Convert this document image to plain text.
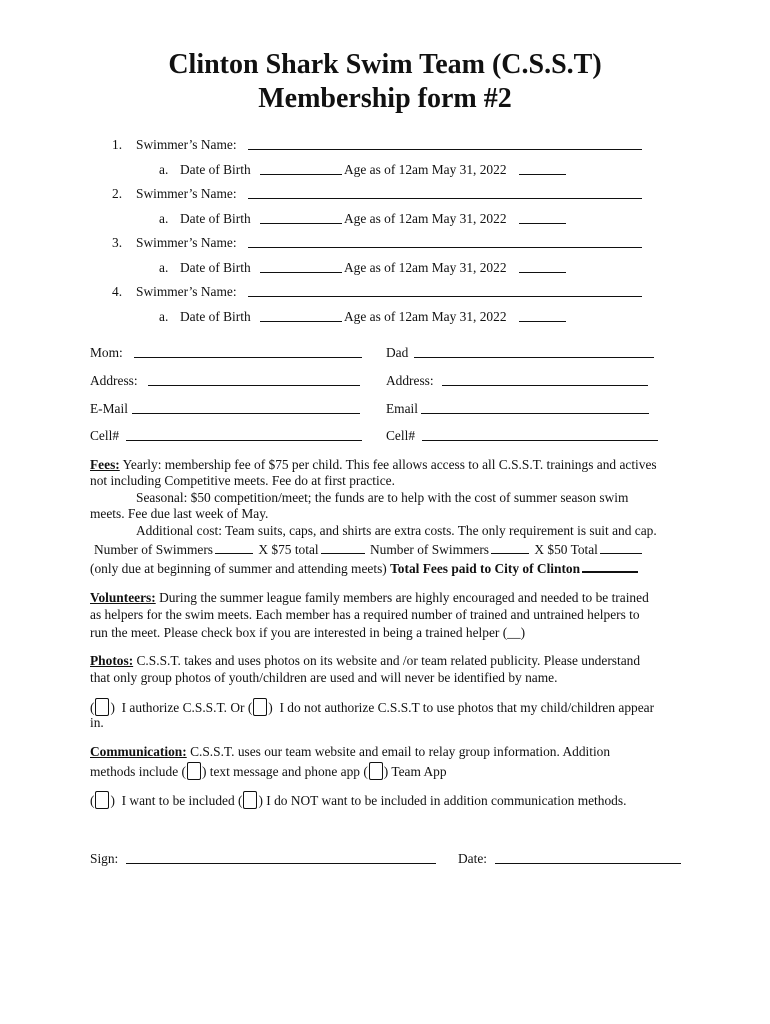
Clinton Shark Swim Team (C.S.S.T)
Membership form #2
1. Swimmer’s Name:
a. Date of Birth	Age as of 12am May 31, 2022
2. Swimmer’s Name:
a. Date of Birth	Age as of 12am May 31, 2022
3. Swimmer’s Name:
a. Date of Birth	Age as of 12am May 31, 2022
4. Swimmer’s Name:
a. Date of Birth	Age as of 12am May 31, 2022
Mom:	Dad
Address:	Address:
E-Mail	Email
Cell#	Cell#
Fees: Yearly: membership fee of $75 per child. This fee allows access to all C.S.S.T. trainings and actives
not including Competitive meets. Fee do at first practice.
Seasonal: $50 competition/meet; the funds are to help with the cost of summer season swim
meets. Fee due last week of May.
Additional cost: Team suits, caps, and shirts are extra costs. The only requirement is suit and cap.
Number of Swimmers	X $75 total	Number of Swimmers	X $50 Total
(only due at beginning of summer and attending meets) Total Fees paid to City of Clinton
Volunteers: During the summer league family members are highly encouraged and needed to be trained
as helpers for the swim meets. Each member has a required number of trained and untrained helpers to
run the meet. Please check box if you are interested in being a trained helper (__)
Photos: C.S.S.T. takes and uses photos on its website and /or team related publicity. Please understand
that only group photos of youth/children are used and will never be identified by name.
( )  I authorize C.S.S.T. Or ( )  I do not authorize C.S.S.T to use photos that my child/children appear
in.
Communication: C.S.S.T. uses our team website and email to relay group information. Addition
methods include ( ) text message and phone app ( ) Team App
( )  I want to be included ( ) I do NOT want to be included in addition communication methods.
Sign:	Date:
